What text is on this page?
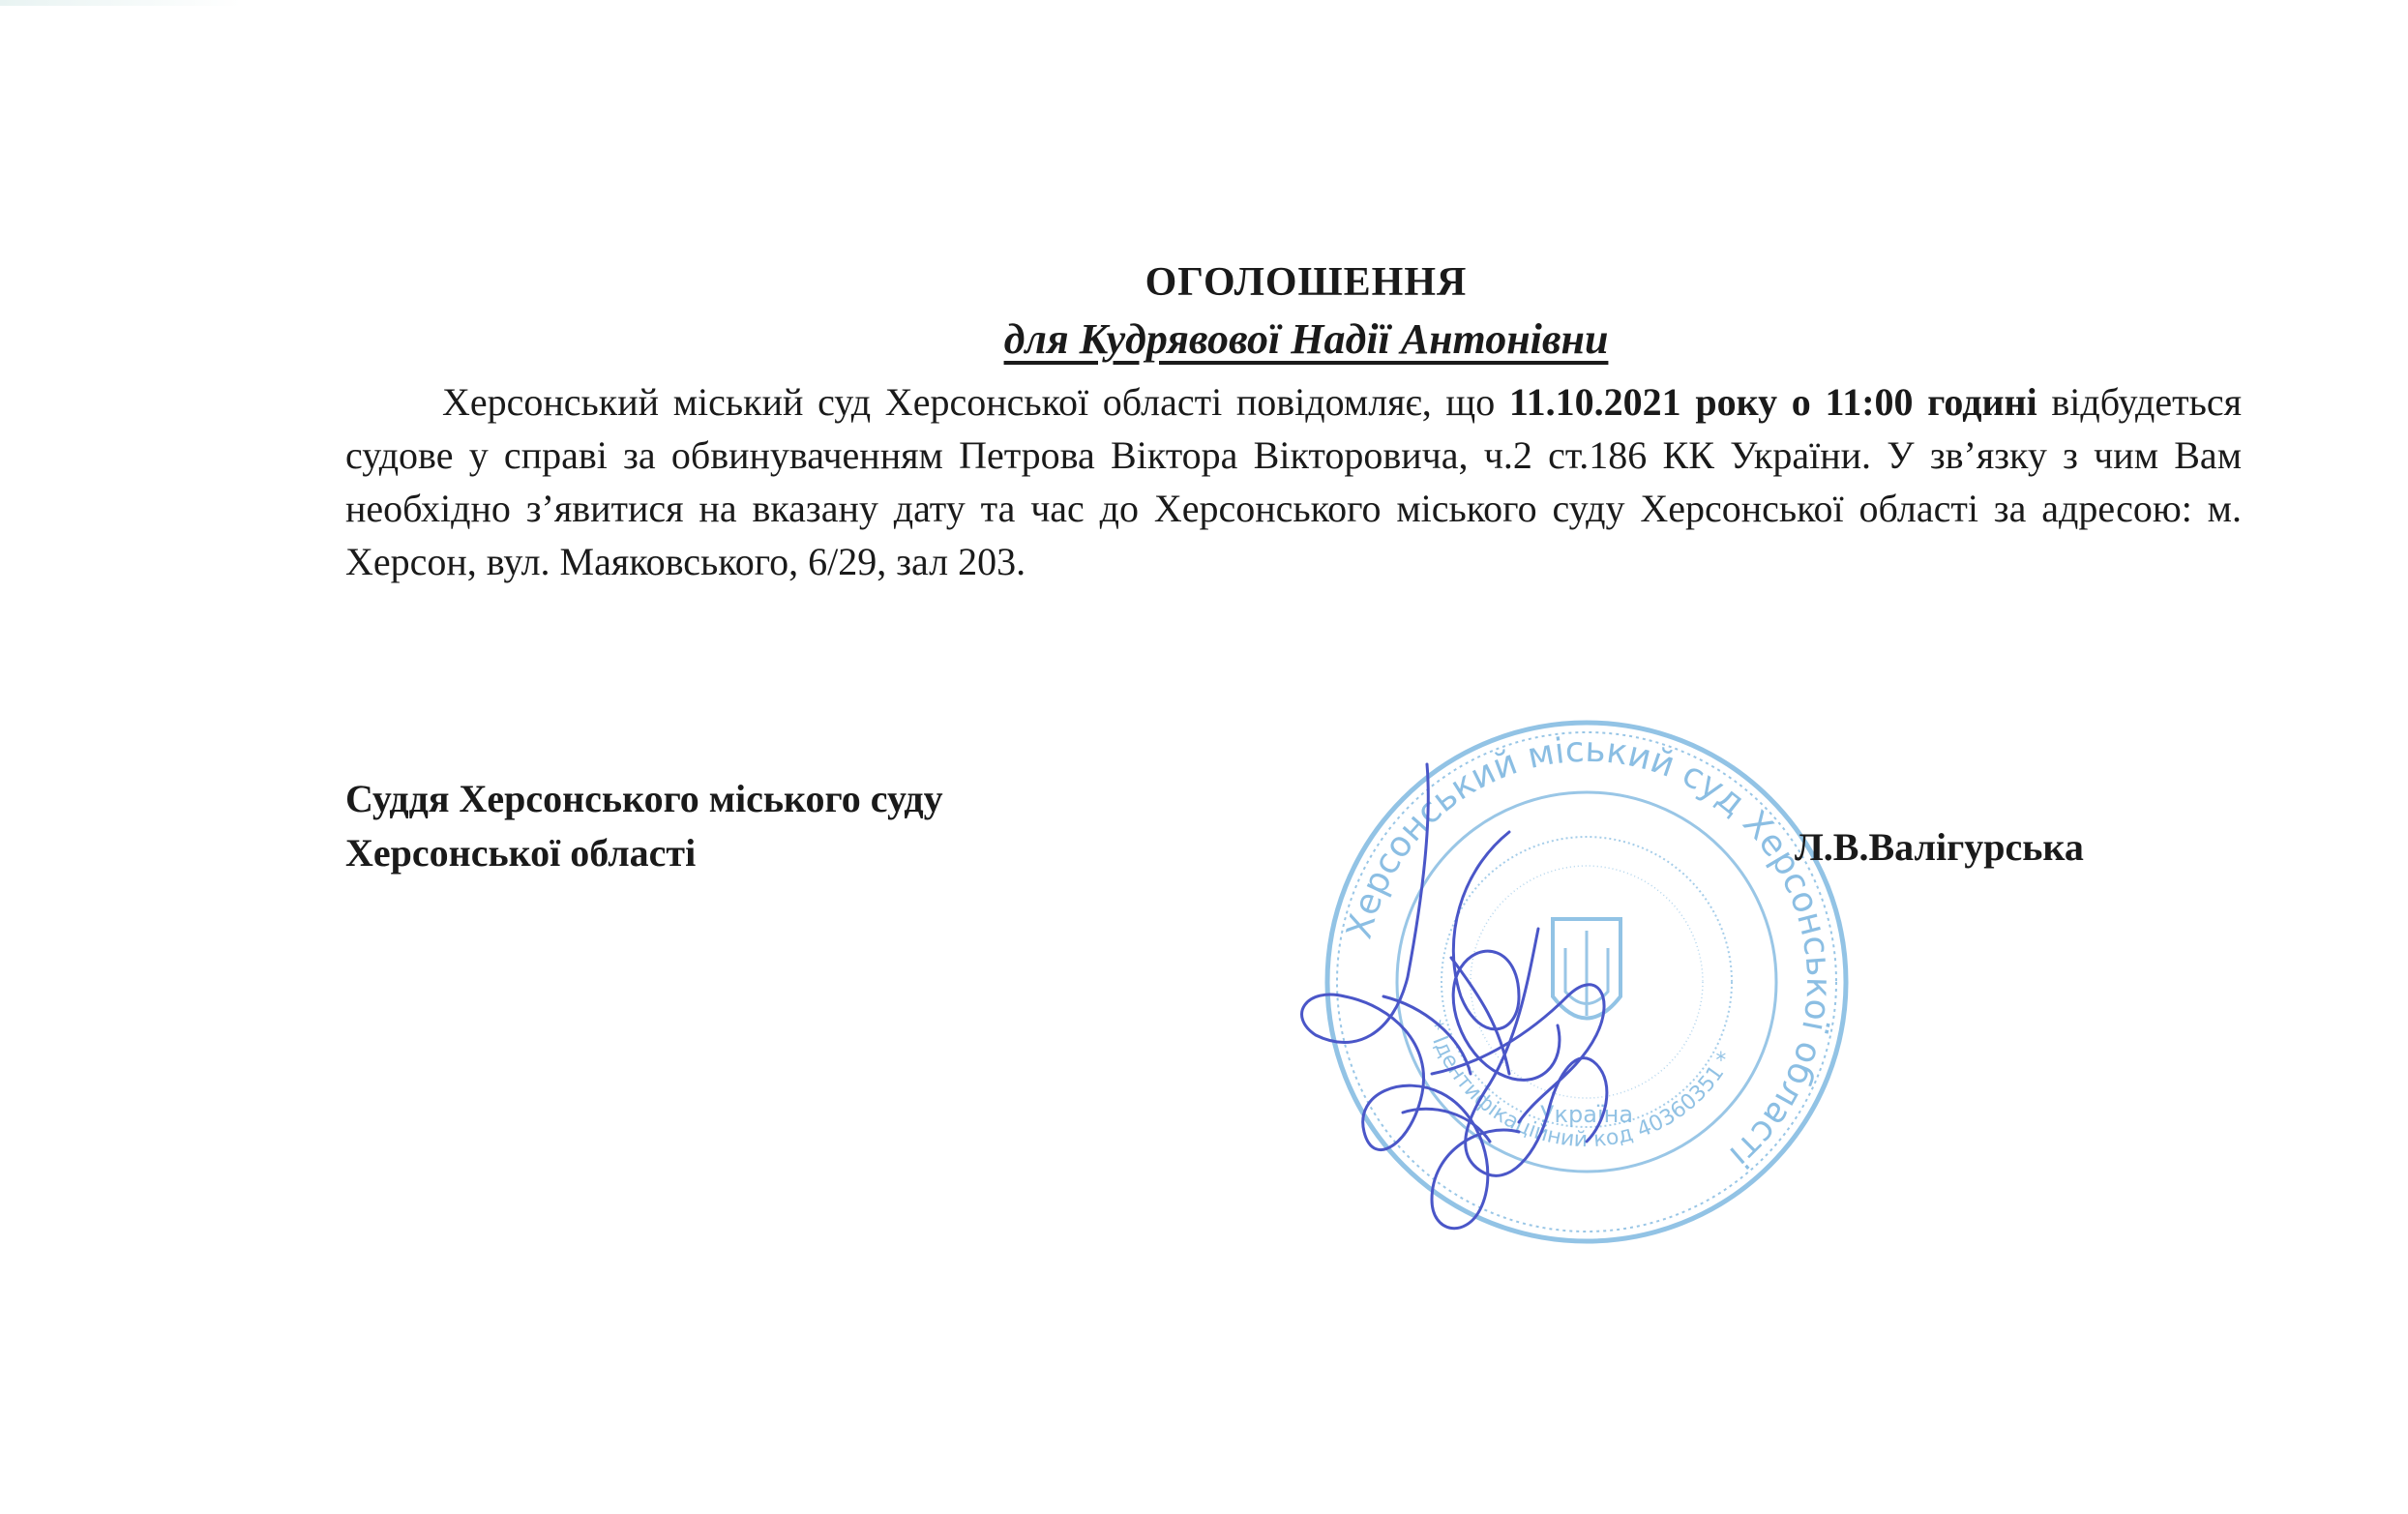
ОГОЛОШЕННЯ
для Кудрявової Надії Антонівни
Херсонський міський суд Херсонської області повідомляє, що 11.10.2021 року о 11:00 годині відбудеться судове у справі за обвинуваченням Петрова Віктора Вікторовича, ч.2 ст.186 КК України. У зв’язку з чим Вам необхідно з’явитися на вказану дату та час до Херсонського міського суду Херсонської області за адресою: м. Херсон, вул. Маяковського, 6/29, зал 203.
Суддя Херсонського міського суду
Херсонської області
Херсонський міський суд Херсонської області
* Ідентифікаційний код 40360351 *
Україна
Л.В.Валігурська
